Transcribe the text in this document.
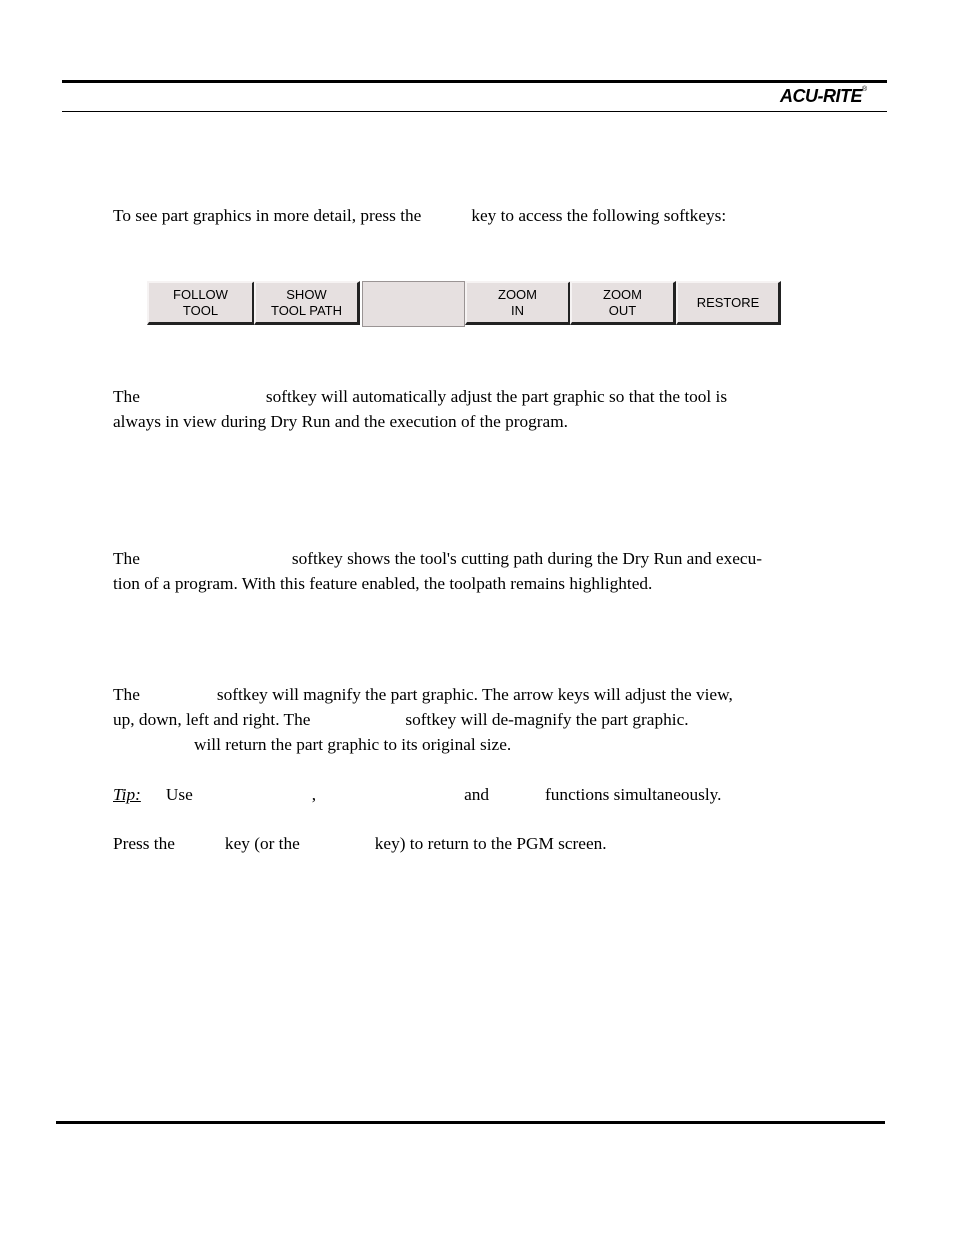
ACU-RITE®

To see part graphics in more detail, press the	key to access the following softkeys:

FOLLOW
TOOL
SHOW
TOOL PATH
ZOOM
IN
ZOOM
OUT
RESTORE

The	softkey will automatically adjust the part graphic so that the tool is
always in view during Dry Run and the execution of the program.

The	softkey shows the tool's cutting path during the Dry Run and execu-
tion of a program. With this feature enabled, the toolpath remains highlighted.

The	softkey will magnify the part graphic. The arrow keys will adjust the view,
up, down, left and right. The	softkey will de-magnify the part graphic.
will return the part graphic to its original size.

Tip: Use	,	and	functions simultaneously.

Press the	key (or the	key) to return to the PGM screen.
